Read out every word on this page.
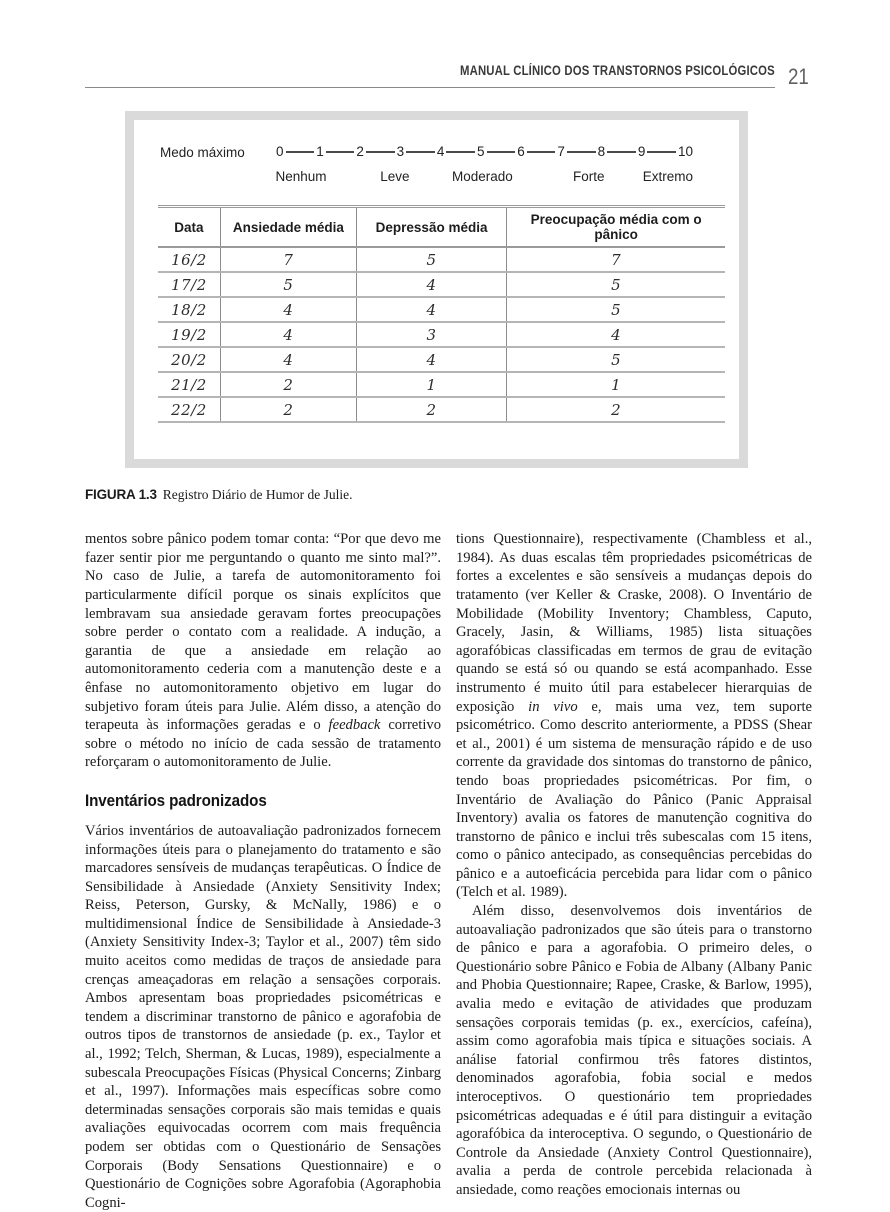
MANUAL CLÍNICO DOS TRANSTORNOS PSICOLÓGICOS 21
Medo máximo	0 1 2 3 4 5 6 7 8 9 10
Nenhum	Leve	Moderado	Forte	Extremo
Data	Ansiedade média	Depressão média	Preocupação média com o pânico
16/2	7	5	7
17/2	5	4	5
18/2	4	4	5
19/2	4	3	4
20/2	4	4	5
21/2	2	1	1
22/2	2	2	2

FIGURA 1.3 Registro Diário de Humor de Julie.

mentos sobre pânico podem tomar conta: “Por que devo me fazer sentir pior me perguntando o quanto me sinto mal?”. No caso de Julie, a tarefa de automonitoramento foi particularmente difícil porque os sinais explícitos que lembravam sua ansiedade geravam fortes preocupações sobre perder o contato com a realidade. A indução, a garantia de que a ansiedade em relação ao automonitoramento cederia com a manutenção deste e a ênfase no automonitoramento objetivo em lugar do subjetivo foram úteis para Julie. Além disso, a atenção do terapeuta às informações geradas e o feedback corretivo sobre o método no início de cada sessão de tratamento reforçaram o automonitoramento de Julie.

Inventários padronizados

Vários inventários de autoavaliação padronizados fornecem informações úteis para o planejamento do tratamento e são marcadores sensíveis de mudanças terapêuticas. O Índice de Sensibilidade à Ansiedade (Anxiety Sensitivity Index; Reiss, Peterson, Gursky, & McNally, 1986) e o multidimensional Índice de Sensibilidade à Ansiedade-3 (Anxiety Sensitivity Index-3; Taylor et al., 2007) têm sido muito aceitos como medidas de traços de ansiedade para crenças ameaçadoras em relação a sensações corporais. Ambos apresentam boas propriedades psicométricas e tendem a discriminar transtorno de pânico e agorafobia de outros tipos de transtornos de ansiedade (p. ex., Taylor et al., 1992; Telch, Sherman, & Lucas, 1989), especialmente a subescala Preocupações Físicas (Physical Concerns; Zinbarg et al., 1997). Informações mais específicas sobre como determinadas sensações corporais são mais temidas e quais avaliações equivocadas ocorrem com mais frequência podem ser obtidas com o Questionário de Sensações Corporais (Body Sensations Questionnaire) e o Questionário de Cognições sobre Agorafobia (Agoraphobia Cogni-

tions Questionnaire), respectivamente (Chambless et al., 1984). As duas escalas têm propriedades psicométricas de fortes a excelentes e são sensíveis a mudanças depois do tratamento (ver Keller & Craske, 2008). O Inventário de Mobilidade (Mobility Inventory; Chambless, Caputo, Gracely, Jasin, & Williams, 1985) lista situações agorafóbicas classificadas em termos de grau de evitação quando se está só ou quando se está acompanhado. Esse instrumento é muito útil para estabelecer hierarquias de exposição in vivo e, mais uma vez, tem suporte psicométrico. Como descrito anteriormente, a PDSS (Shear et al., 2001) é um sistema de mensuração rápido e de uso corrente da gravidade dos sintomas do transtorno de pânico, tendo boas propriedades psicométricas. Por fim, o Inventário de Avaliação do Pânico (Panic Appraisal Inventory) avalia os fatores de manutenção cognitiva do transtorno de pânico e inclui três subescalas com 15 itens, como o pânico antecipado, as consequências percebidas do pânico e a autoeficácia percebida para lidar com o pânico (Telch et al. 1989).

Além disso, desenvolvemos dois inventários de autoavaliação padronizados que são úteis para o transtorno de pânico e para a agorafobia. O primeiro deles, o Questionário sobre Pânico e Fobia de Albany (Albany Panic and Phobia Questionnaire; Rapee, Craske, & Barlow, 1995), avalia medo e evitação de atividades que produzam sensações corporais temidas (p. ex., exercícios, cafeína), assim como agorafobia mais típica e situações sociais. A análise fatorial confirmou três fatores distintos, denominados agorafobia, fobia social e medos interoceptivos. O questionário tem propriedades psicométricas adequadas e é útil para distinguir a evitação agorafóbica da interoceptiva. O segundo, o Questionário de Controle da Ansiedade (Anxiety Control Questionnaire), avalia a perda de controle percebida relacionada à ansiedade, como reações emocionais internas ou
